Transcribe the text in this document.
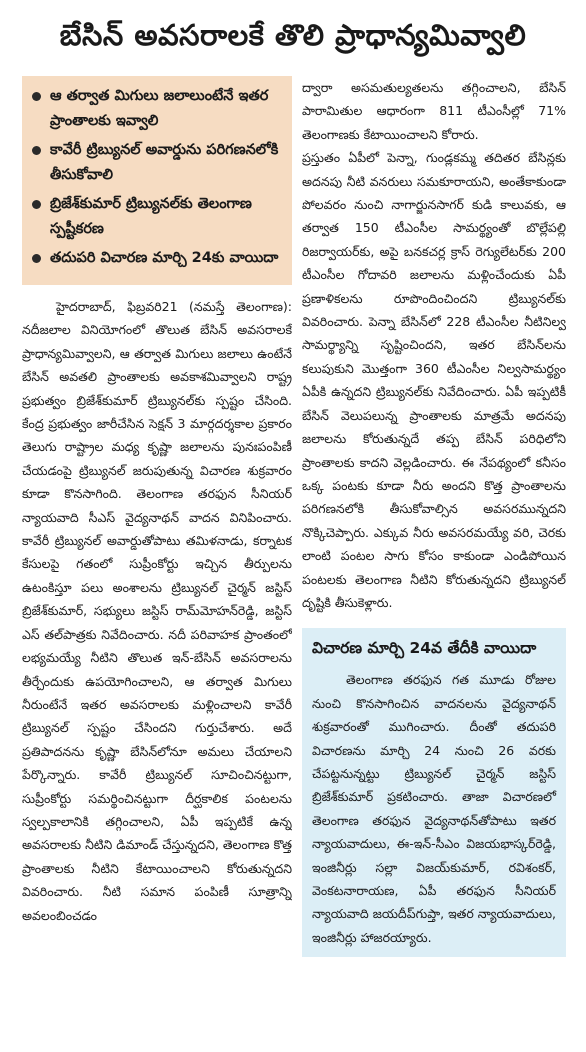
బేసిన్ అవసరాలకే తొలి ప్రాధాన్యమివ్వాలి
ఆ తర్వాత మిగులు జలాలుంటేనే ఇతర ప్రాంతాలకు ఇవ్వాలి
కావేరీ ట్రిబ్యునల్ అవార్డును పరిగణనలోకి తీసుకోవాలి
బ్రిజేశ్‌కుమార్ ట్రిబ్యునల్‌కు తెలంగాణ స్పష్టీకరణ
తదుపరి విచారణ మార్చి 24కు వాయిదా

హైదరాబాద్, ఫిబ్రవరి21 (నమస్తే తెలంగాణ): నదీజలాల వినియోగంలో తొలుత బేసిన్ అవసరాలకే ప్రాధాన్యమివ్వాలని, ఆ తర్వాత మిగులు జలాలు ఉంటేనే బేసిన్ అవతలి ప్రాంతాలకు అవకాశమివ్వాలని రాష్ట్ర ప్రభుత్వం బ్రిజేశ్‌కుమార్ ట్రిబ్యునల్‌కు స్పష్టం చేసింది. కేంద్ర ప్రభుత్వం జారీచేసిన సెక్షన్ 3 మార్గదర్శకాల ప్రకారం తెలుగు రాష్ట్రాల మధ్య కృష్ణా జలాలను పునఃపంపిణీ చేయడంపై ట్రిబ్యునల్ జరుపుతున్న విచారణ శుక్రవారం కూడా కొనసాగింది. తెలంగాణ తరఫున సీనియర్ న్యాయవాది సీఎస్ వైద్యనాథన్ వాదన వినిపించారు. కావేరీ ట్రిబ్యునల్ అవార్డుతోపాటు తమిళనాడు, కర్నాటక కేసులపై గతంలో సుప్రీంకోర్టు ఇచ్చిన తీర్పులను ఉటంకిస్తూ పలు అంశాలను ట్రిబ్యునల్ చైర్మన్ జస్టిస్ బ్రిజేశ్‌కుమార్, సభ్యులు జస్టిస్ రామ్‌మోహన్‌రెడ్డి, జస్టిస్ ఎస్ తల్‌పాత్రకు నివేదించారు. నదీ పరివాహక ప్రాంతంలో లభ్యమయ్యే నీటిని తొలుత ఇన్-బేసిన్ అవసరాలను తీర్చేందుకు ఉపయోగించాలని, ఆ తర్వాత మిగులు నీరుంటేనే ఇతర అవసరాలకు మళ్లించాలని కావేరీ ట్రిబ్యునల్ స్పష్టం చేసిందని గుర్తుచేశారు. అదే ప్రతిపాదనను కృష్ణా బేసిన్‌లోనూ అమలు చేయాలని పేర్కొన్నారు. కావేరీ ట్రిబ్యునల్ సూచించినట్టుగా, సుప్రీంకోర్టు సమర్థించినట్టుగా దీర్ఘకాలిక పంటలను స్వల్పకాలానికి తగ్గించాలని, ఏపీ ఇప్పటికే ఉన్న అవసరాలకు నీటిని డిమాండ్ చేస్తున్నదని, తెలంగాణ కొత్త ప్రాంతాలకు నీటిని కేటాయించాలని కోరుతున్నదని వివరించారు. నీటి సమాన పంపిణీ సూత్రాన్ని అవలంబించడం

ద్వారా అసమతుల్యతలను తగ్గించాలని, బేసిన్ పారామితుల ఆధారంగా 811 టీఎంసీల్లో 71% తెలంగాణకు కేటాయించాలని కోరారు.

ప్రస్తుతం ఏపీలో పెన్నా, గుండ్లకమ్మ తదితర బేసిన్లకు అదనపు నీటి వనరులు సమకూరాయని, అంతేకాకుండా పోలవరం నుంచి నాగార్జునసాగర్ కుడి కాలువకు, ఆ తర్వాత 150 టీఎంసీల సామర్థ్యంతో బొల్లేపల్లి రిజర్వాయర్‌కు, అపై బనకచర్ల క్రాస్ రెగ్యులేటర్‌కు 200 టీఎంసీల గోదావరి జలాలను మళ్లించేందుకు ఏపీ ప్రణాళికలను రూపొందించిందని ట్రిబ్యునల్‌కు వివరించారు. పెన్నా బేసిన్‌లో 228 టీఎంసీల నీటినిల్వ సామర్థ్యాన్ని సృష్టించిందని, ఇతర బేసిన్‌లను కలుపుకుని మొత్తంగా 360 టీఎంసీల నిల్వసామర్థ్యం ఏపీకి ఉన్నదని ట్రిబ్యునల్‌కు నివేదించారు. ఏపీ ఇప్పటికీ బేసిన్ వెలుపలున్న ప్రాంతాలకు మాత్రమే అదనపు జలాలను కోరుతున్నదే తప్ప బేసిన్ పరిధిలోని ప్రాంతాలకు కాదని వెల్లడించారు. ఈ నేపథ్యంలో కనీసం ఒక్క పంటకు కూడా నీరు అందని కొత్త ప్రాంతాలను పరిగణనలోకి తీసుకోవాల్సిన అవసరమున్నదని నొక్కిచెప్పారు. ఎక్కువ నీరు అవసరమయ్యే వరి, చెరకు లాంటి పంటల సాగు కోసం కాకుండా ఎండిపోయిన పంటలకు తెలంగాణ నీటిని కోరుతున్నదని ట్రిబ్యునల్ దృష్టికి తీసుకెళ్లారు.

విచారణ మార్చి 24వ తేదీకి వాయిదా

తెలంగాణ తరఫున గత మూడు రోజుల నుంచి కొనసాగించిన వాదనలను వైద్యనాథన్ శుక్రవారంతో ముగించారు. దీంతో తదుపరి విచారణను మార్చి 24 నుంచి 26 వరకు చేపట్టనున్నట్టు ట్రిబ్యునల్ చైర్మన్ జస్టిస్ బ్రిజేశ్‌కుమార్ ప్రకటించారు. తాజా విచారణలో తెలంగాణ తరఫున వైద్యనాథన్‌తోపాటు ఇతర న్యాయవాదులు, ఈ-ఇన్-సీఎం విజయభాస్కర్‌రెడ్డి, ఇంజినీర్లు సల్లా విజయ్‌కుమార్, రవిశంకర్, వెంకటనారాయణ, ఏపీ తరఫున సీనియర్ న్యాయవాది జయదీప్‌గుప్తా, ఇతర న్యాయవాదులు, ఇంజినీర్లు హాజరయ్యారు.
